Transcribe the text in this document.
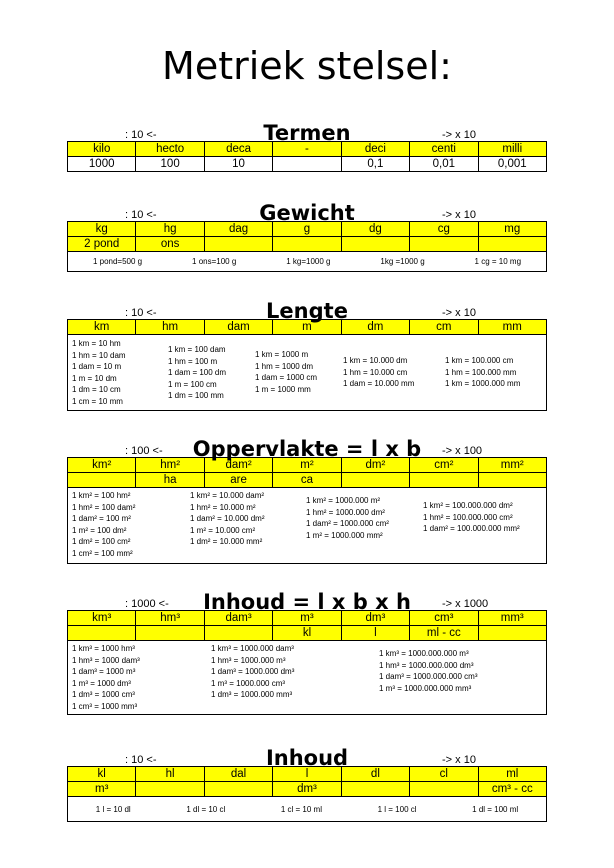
Metriek stelsel:
: 10 <-	Termen	-> x 10
kilo	hecto	deca	-	deci	centi	milli
1000	100	10		0,1	0,01	0,001
: 10 <-	Gewicht	-> x 10
kg	hg	dag	g	dg	cg	mg
2 pond	ons					
1 pond=500 g	1 ons=100 g	1 kg=1000 g	1kg =1000 g	1 cg = 10 mg
: 10 <-	Lengte	-> x 10
km	hm	dam	m	dm	cm	mm
1 km = 10 hm
1 hm = 10 dam
1 dam = 10 m
1 m = 10 dm
1 dm = 10 cm
1 cm = 10 mm
1 km = 100 dam
1 hm = 100 m
1 dam = 100 dm
1 m = 100 cm
1 dm = 100 mm
1 km = 1000 m
1 hm = 1000 dm
1 dam = 1000 cm
1 m = 1000 mm
1 km = 10.000 dm
1 hm = 10.000 cm
1 dam = 10.000 mm
1 km = 100.000 cm
1 hm = 100.000 mm
1 km = 1000.000 mm
: 100 <-	Oppervlakte = l x b	-> x 100
km²	hm²	dam²	m²	dm²	cm²	mm²
	ha	are	ca			
1 km² = 100 hm²
1 hm² = 100 dam²
1 dam² = 100 m²
1 m² = 100 dm²
1 dm² = 100 cm²
1 cm² = 100 mm²
1 km² = 10.000 dam²
1 hm² = 10.000 m²
1 dam² = 10.000 dm²
1 m² = 10.000 cm²
1 dm² = 10.000 mm²
1 km² = 1000.000 m²
1 hm² = 1000.000 dm²
1 dam² = 1000.000 cm²
1 m² = 1000.000 mm²
1 km² = 100.000.000 dm²
1 hm² = 100.000.000 cm²
1 dam² = 100.000.000 mm²
: 1000 <-	Inhoud = l x b x h	-> x 1000
km³	hm³	dam³	m³	dm³	cm³	mm³
			kl	l	ml - cc	
1 km³ = 1000 hm³
1 hm³ = 1000 dam³
1 dam³ = 1000 m³
1 m³ = 1000 dm³
1 dm³ = 1000 cm³
1 cm³ = 1000 mm³
1 km³ = 1000.000 dam³
1 hm³ = 1000.000 m³
1 dam³ = 1000.000 dm³
1 m³ = 1000.000 cm³
1 dm³ = 1000.000 mm³
1 km³ = 1000.000.000 m³
1 hm³ = 1000.000.000 dm³
1 dam³ = 1000.000.000 cm³
1 m³ = 1000.000.000 mm³
: 10 <-	Inhoud	-> x 10
kl	hl	dal	l	dl	cl	ml
m³			dm³			cm³ - cc
1 l = 10 dl	1 dl = 10 cl	1 cl = 10 ml	1 l = 100 cl	1 dl = 100 ml
